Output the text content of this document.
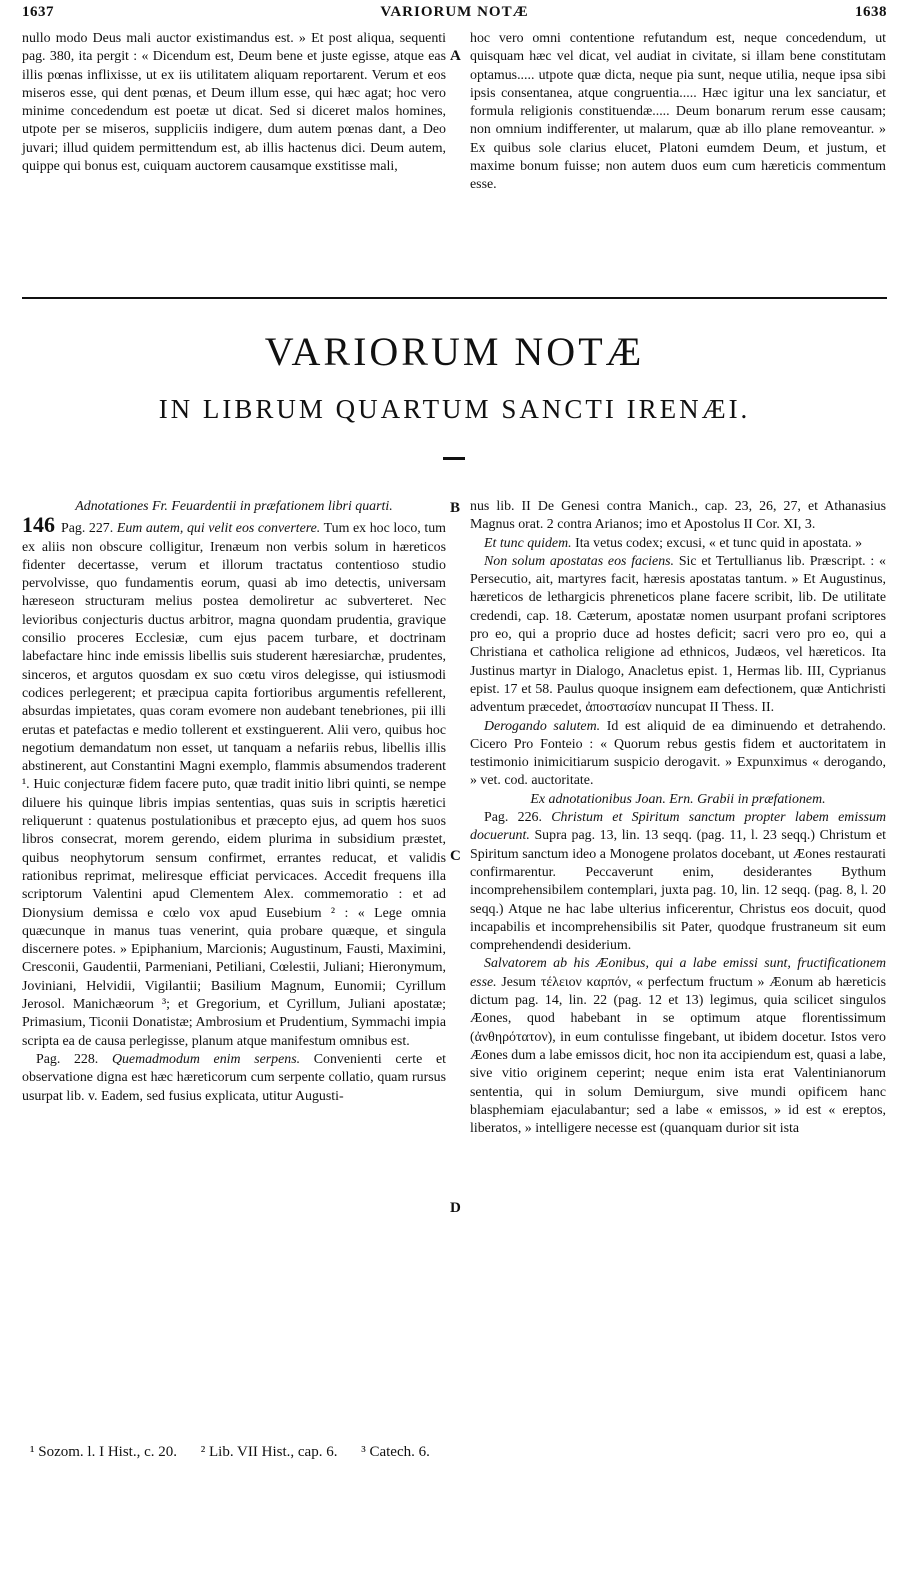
1637	VARIORUM NOTÆ	1638

nullo modo Deus mali auctor existimandus est. » Et post aliqua, sequenti pag. 380, ita pergit : « Dicendum est, Deum bene et juste egisse, atque eas illis pœnas inflixisse, ut ex iis utilitatem aliquam reportarent. Verum et eos miseros esse, qui dent pœnas, et Deum illum esse, qui hæc agat; hoc vero minime concedendum est poetæ ut dicat. Sed si diceret malos homines, utpote per se miseros, suppliciis indigere, dum autem pœnas dant, a Deo juvari; illud quidem permittendum est, ab illis hactenus dici. Deum autem, quippe qui bonus est, cuiquam auctorem causamque exstitisse mali,

A

hoc vero omni contentione refutandum est, neque concedendum, ut quisquam hæc vel dicat, vel audiat in civitate, si illam bene constitutam optamus..... utpote quæ dicta, neque pia sunt, neque utilia, neque ipsa sibi ipsis consentanea, atque congruentia..... Hæc igitur una lex sanciatur, et formula religionis constituendæ..... Deum bonarum rerum esse causam; non omnium indifferenter, ut malarum, quæ ab illo plane removeantur. » Ex quibus sole clarius elucet, Platoni eumdem Deum, et justum, et maxime bonum fuisse; non autem duos eum cum hæreticis commentum esse.

VARIORUM NOTÆ
IN LIBRUM QUARTUM SANCTI IRENÆI.

Adnotationes Fr. Feuardentii in præfationem libri quarti.

146 Pag. 227. Eum autem, qui velit eos convertere. Tum ex hoc loco, tum ex aliis non obscure colligitur, Irenæum non verbis solum in hæreticos fidenter decertasse, verum et illorum tractatus contentioso studio pervolvisse, quo fundamentis eorum, quasi ab imo detectis, universam hæreseon structuram melius postea demoliretur ac subverteret. Nec levioribus conjecturis ductus arbitror, magna quondam prudentia, gravique consilio proceres Ecclesiæ, cum ejus pacem turbare, et doctrinam labefactare hinc inde emissis libellis suis studerent hæresiarchæ, prudentes, sinceros, et argutos quosdam ex suo cœtu viros delegisse, qui istiusmodi codices perlegerent; et præcipua capita fortioribus argumentis refellerent, absurdas impietates, quas coram evomere non audebant tenebriones, pii illi erutas et patefactas e medio tollerent et exstinguerent. Alii vero, quibus hoc negotium demandatum non esset, ut tanquam a nefariis rebus, libellis illis abstinerent, aut Constantini Magni exemplo, flammis absumendos traderent ¹. Huic conjecturæ fidem facere puto, quæ tradit initio libri quinti, se nempe diluere his quinque libris impias sententias, quas suis in scriptis hæretici reliquerunt : quatenus postulationibus et præcepto ejus, ad quem hos suos libros consecrat, morem gerendo, eidem plurima in subsidium præstet, quibus neophytorum sensum confirmet, errantes reducat, et validis rationibus reprimat, meliresque efficiat pervicaces. Accedit frequens illa scriptorum Valentini apud Clementem Alex. commemoratio : et ad Dionysium demissa e cœlo vox apud Eusebium ² : « Lege omnia quæcunque in manus tuas venerint, quia probare quæque, et singula discernere potes. » Epiphanium, Marcionis; Augustinum, Fausti, Maximini, Cresconii, Gaudentii, Parmeniani, Petiliani, Cœlestii, Juliani; Hieronymum, Joviniani, Helvidii, Vigilantii; Basilium Magnum, Eunomii; Cyrillum Jerosol. Manichæorum ³; et Gregorium, et Cyrillum, Juliani apostatæ; Primasium, Ticonii Donatistæ; Ambrosium et Prudentium, Symmachi impia scripta ea de causa perlegisse, planum atque manifestum omnibus est.

Pag. 228. Quemadmodum enim serpens. Convenienti certe et observatione digna est hæc hæreticorum cum serpente collatio, quam rursus usurpat lib. v. Eadem, sed fusius explicata, utitur Augusti-

B
C
D

nus lib. II De Genesi contra Manich., cap. 23, 26, 27, et Athanasius Magnus orat. 2 contra Arianos; imo et Apostolus II Cor. XI, 3.

Et tunc quidem. Ita vetus codex; excusi, « et tunc quid in apostata. »

Non solum apostatas eos faciens. Sic et Tertullianus lib. Præscript. : « Persecutio, ait, martyres facit, hæresis apostatas tantum. » Et Augustinus, hæreticos de lethargicis phreneticos plane facere scribit, lib. De utilitate credendi, cap. 18. Cæterum, apostatæ nomen usurpant profani scriptores pro eo, qui a proprio duce ad hostes deficit; sacri vero pro eo, qui a Christiana et catholica religione ad ethnicos, Judæos, vel hæreticos. Ita Justinus martyr in Dialogo, Anacletus epist. 1, Hermas lib. III, Cyprianus epist. 17 et 58. Paulus quoque insignem eam defectionem, quæ Antichristi adventum præcedet, ἀποστασίαν nuncupat II Thess. II.

Derogando salutem. Id est aliquid de ea diminuendo et detrahendo. Cicero Pro Fonteio : « Quorum rebus gestis fidem et auctoritatem in testimonio inimicitiarum suspicio derogavit. » Expunximus « derogando, » vet. cod. auctoritate.

Ex adnotationibus Joan. Ern. Grabii in præfationem.

Pag. 226. Christum et Spiritum sanctum propter labem emissum docuerunt. Supra pag. 13, lin. 13 seqq. (pag. 11, l. 23 seqq.) Christum et Spiritum sanctum ideo a Monogene prolatos docebant, ut Æones restaurati confirmarentur. Peccaverunt enim, desiderantes Bythum incomprehensibilem contemplari, juxta pag. 10, lin. 12 seqq. (pag. 8, l. 20 seqq.) Atque ne hac labe ulterius inficerentur, Christus eos docuit, quod incapabilis et incomprehensibilis sit Pater, quodque frustraneum sit eum comprehendendi desiderium.

Salvatorem ab his Æonibus, qui a labe emissi sunt, fructificationem esse. Jesum τέλειον καρπόν, « perfectum fructum » Æonum ab hæreticis dictum pag. 14, lin. 22 (pag. 12 et 13) legimus, quia scilicet singulos Æones, quod habebant in se optimum atque florentissimum (ἀνθηρότατον), in eum contulisse fingebant, ut ibidem docetur. Istos vero Æones dum a labe emissos dicit, hoc non ita accipiendum est, quasi a labe, sive vitio originem ceperint; neque enim ista erat Valentinianorum sententia, qui in solum Demiurgum, sive mundi opificem hanc blasphemiam ejaculabantur; sed a labe « emissos, » id est « ereptos, liberatos, » intelligere necesse est (quanquam durior sit ista

¹ Sozom. l. I Hist., c. 20. ² Lib. VII Hist., cap. 6. ³ Catech. 6.
